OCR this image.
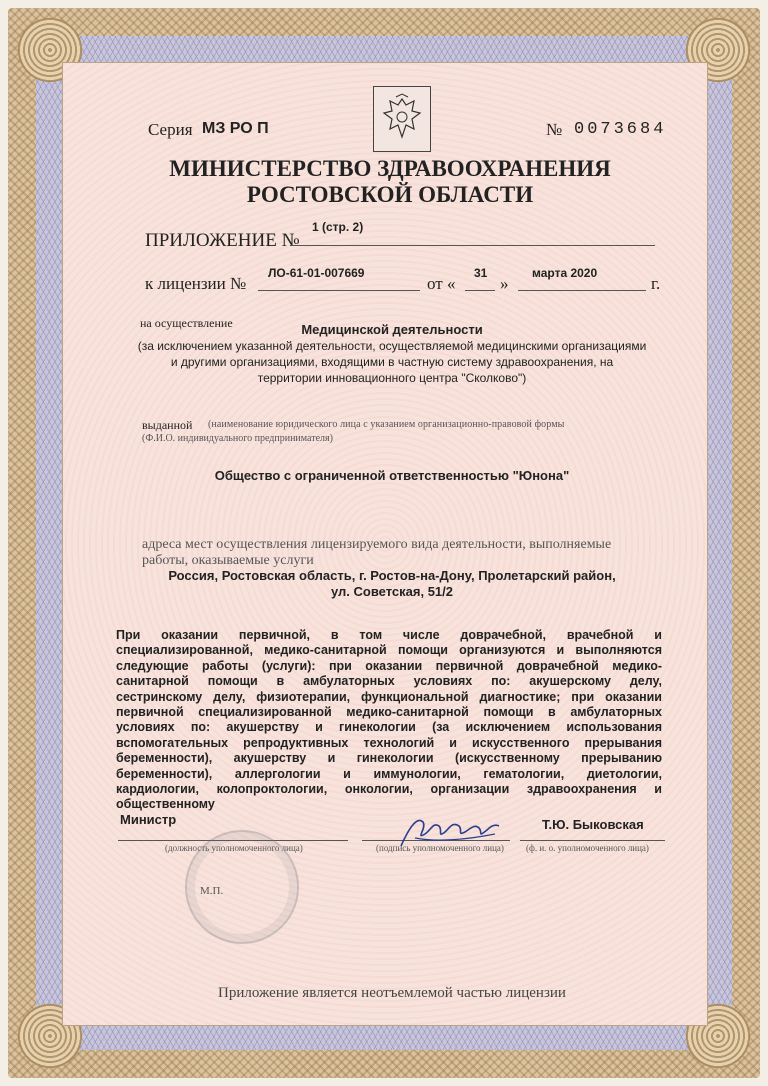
Серия МЗ РО П	№ 0073684
МИНИСТЕРСТВО ЗДРАВООХРАНЕНИЯ
РОСТОВСКОЙ ОБЛАСТИ
ПРИЛОЖЕНИЕ №
1 (стр. 2)
к лицензии №
ЛО-61-01-007669
от «
31
»
марта 2020
г.
на осуществление	Медицинской деятельности
(за исключением указанной деятельности, осуществляемой медицинскими организациями
и другими организациями, входящими в частную систему здравоохранения, на
территории инновационного центра "Сколково")
выданной (наименование юридического лица с указанием организационно-правовой формы
(Ф.И.О. индивидуального предпринимателя)
Общество с ограниченной ответственностью "Юнона"
адреса мест осуществления лицензируемого вида деятельности, выполняемые
работы, оказываемые услуги
Россия, Ростовская область, г. Ростов-на-Дону, Пролетарский район,
ул. Советская, 51/2
При оказании первичной, в том числе доврачебной, врачебной и
специализированной, медико-санитарной помощи организуются и выполняются
следующие работы (услуги): при оказании первичной доврачебной медико-
санитарной помощи в амбулаторных условиях по: акушерскому делу,
сестринскому делу, физиотерапии, функциональной диагностике; при оказании
первичной специализированной медико-санитарной помощи в амбулаторных
условиях по: акушерству и гинекологии (за исключением использования
вспомогательных репродуктивных технологий и искусственного прерывания
беременности), акушерству и гинекологии (искусственному прерыванию
беременности), аллергологии и иммунологии, гематологии, диетологии,
кардиологии, колопроктологии, онкологии, организации здравоохранения и
общественному
Министр	Т.Ю. Быковская
(должность уполномоченного лица)	(подпись уполномоченного лица) (ф. и. о. уполномоченного лица)
М.П.
Приложение является неотъемлемой частью лицензии
